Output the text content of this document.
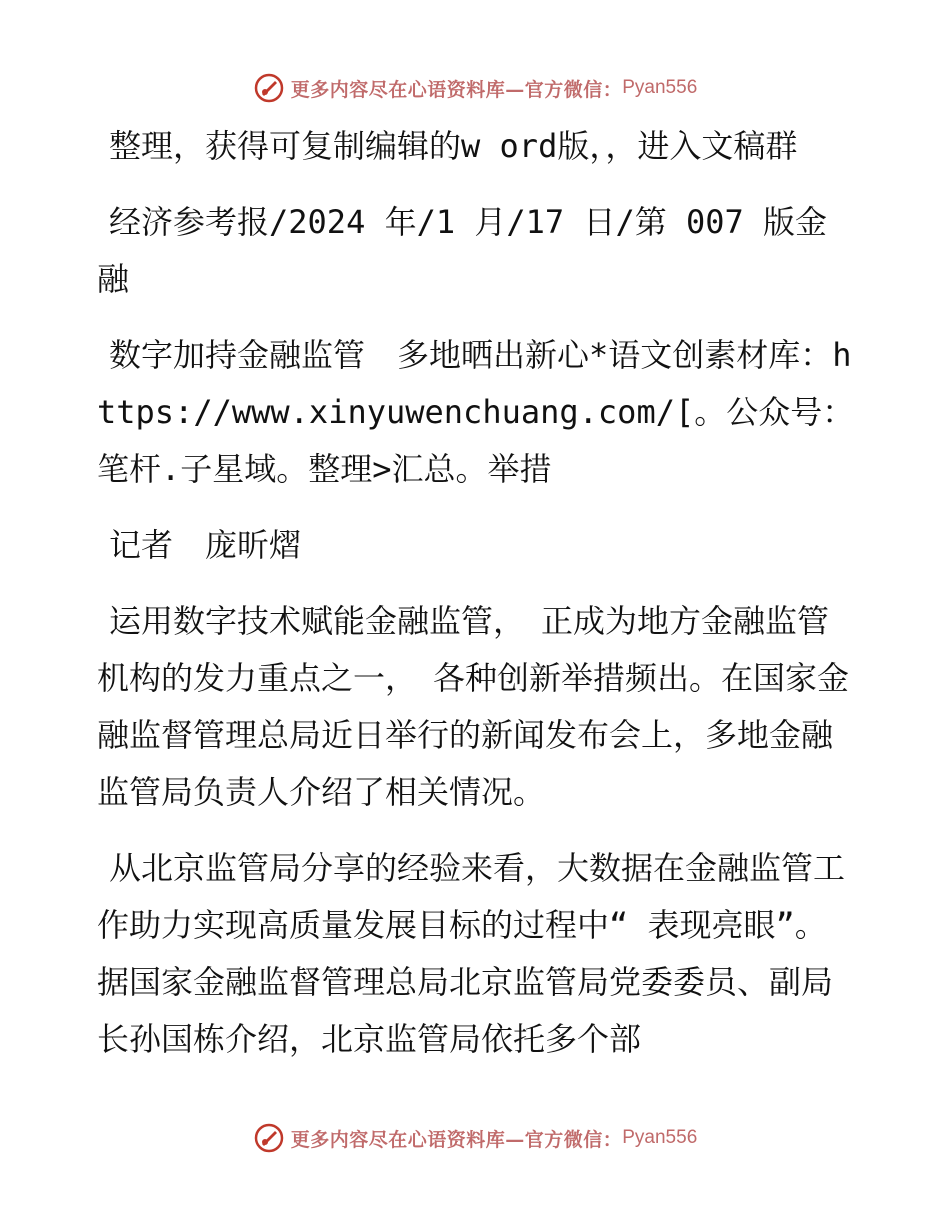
更多内容尽在心语资料库—官方微信： Pyan556

整理，获得可复制编辑的w ord版，，进入文稿群

经济参考报/2024 年/1 月/17 日/第 007 版金融

数字加持金融监管　多地晒出新心*语文创素材库：https://www.xinyuwenchuang.com/[。公众号：笔杆.子星域。整理>汇总。举措

记者　庞昕熠

运用数字技术赋能金融监管，　正成为地方金融监管机构的发力重点之一，　各种创新举措频出。在国家金融监督管理总局近日举行的新闻发布会上，多地金融监管局负责人介绍了相关情况。

从北京监管局分享的经验来看，大数据在金融监管工作助力实现高质量发展目标的过程中“ 表现亮眼”。据国家金融监督管理总局北京监管局党委委员、副局长孙国栋介绍，北京监管局依托多个部

更多内容尽在心语资料库—官方微信： Pyan556
